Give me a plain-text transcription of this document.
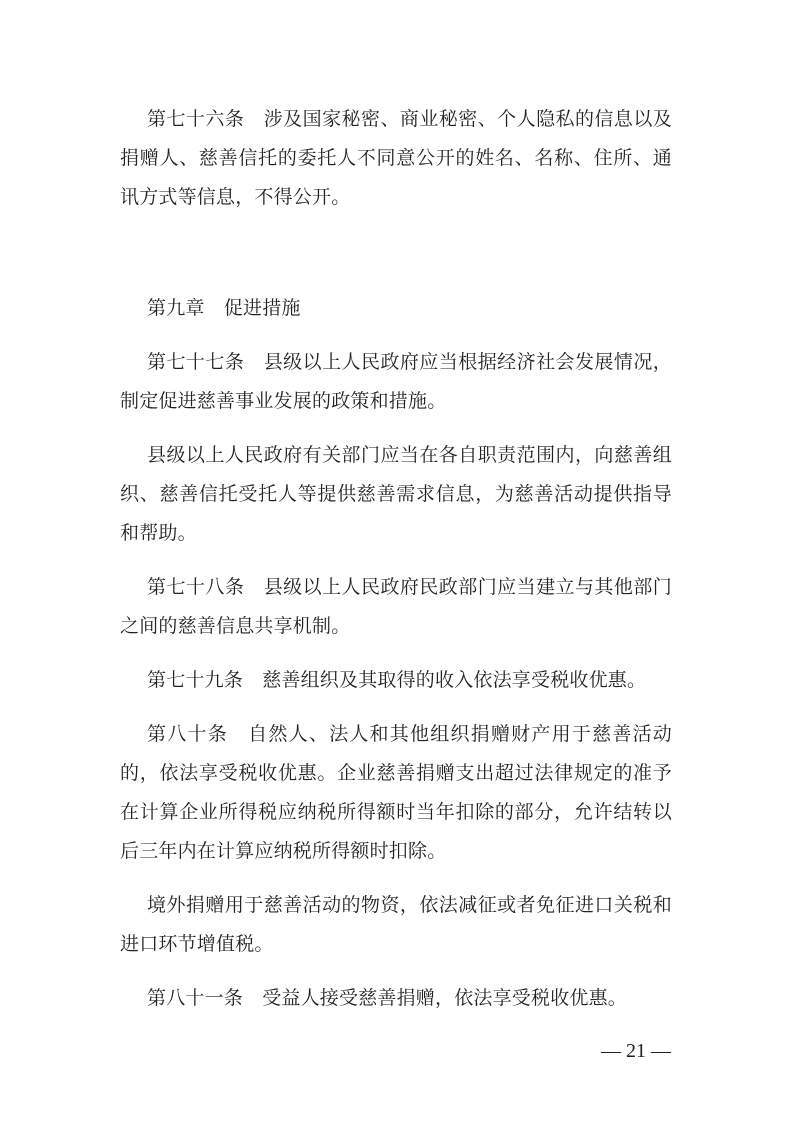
第七十六条　涉及国家秘密、商业秘密、个人隐私的信息以及捐赠人、慈善信托的委托人不同意公开的姓名、名称、住所、通讯方式等信息，不得公开。

第九章　促进措施

第七十七条　县级以上人民政府应当根据经济社会发展情况，制定促进慈善事业发展的政策和措施。

县级以上人民政府有关部门应当在各自职责范围内，向慈善组织、慈善信托受托人等提供慈善需求信息，为慈善活动提供指导和帮助。

第七十八条　县级以上人民政府民政部门应当建立与其他部门之间的慈善信息共享机制。

第七十九条　慈善组织及其取得的收入依法享受税收优惠。

第八十条　自然人、法人和其他组织捐赠财产用于慈善活动的，依法享受税收优惠。企业慈善捐赠支出超过法律规定的准予在计算企业所得税应纳税所得额时当年扣除的部分，允许结转以后三年内在计算应纳税所得额时扣除。

境外捐赠用于慈善活动的物资，依法减征或者免征进口关税和进口环节增值税。

第八十一条　受益人接受慈善捐赠，依法享受税收优惠。

— 21 —
